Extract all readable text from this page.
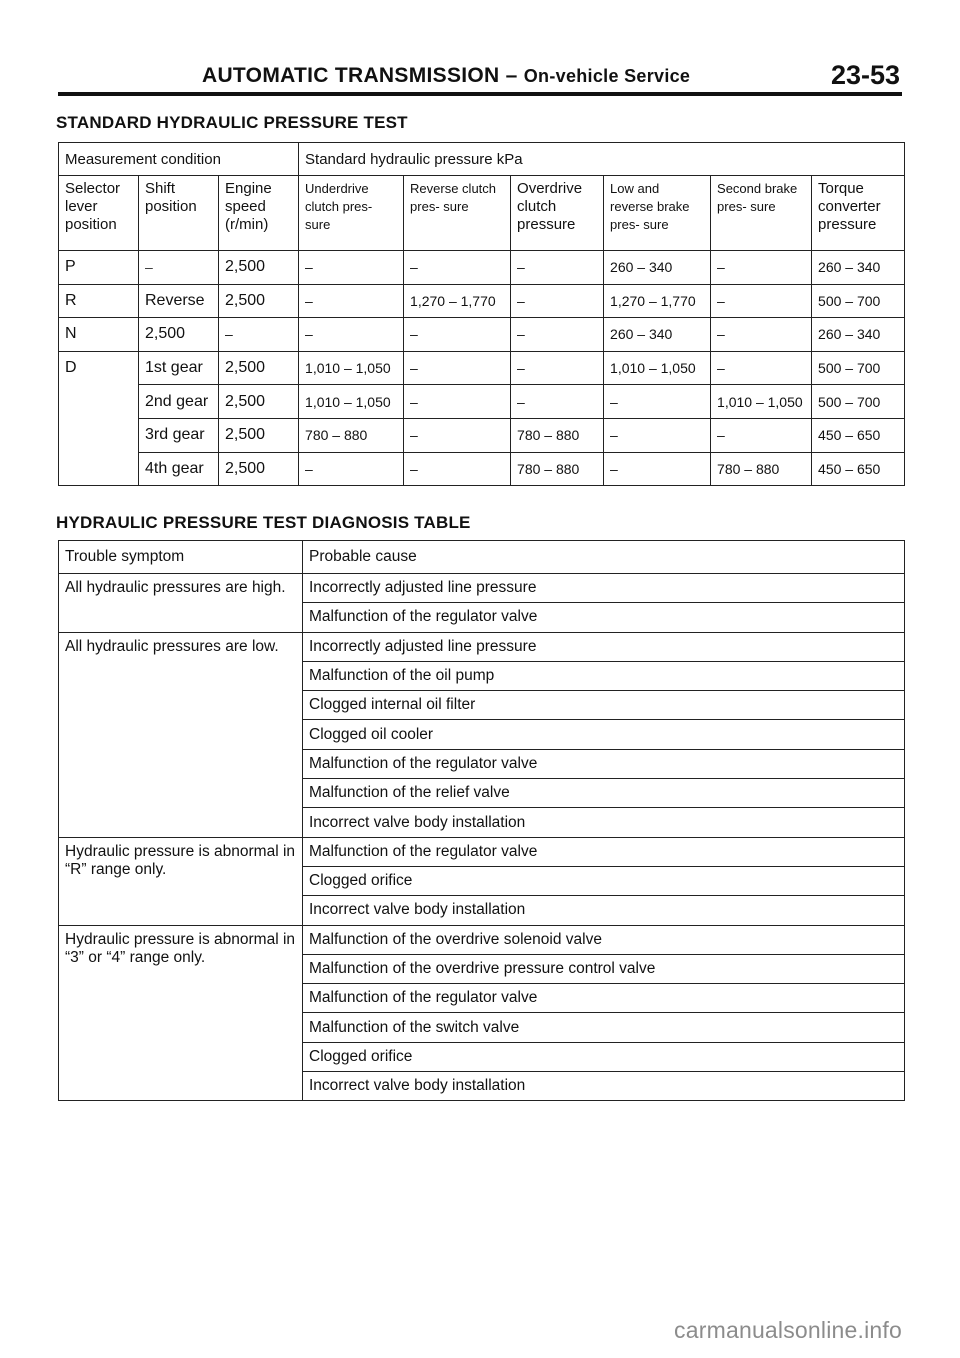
AUTOMATIC TRANSMISSION – On-vehicle Service	23-53
STANDARD HYDRAULIC PRESSURE TEST
Measurement condition			Standard hydraulic pressure kPa					
Selector lever position	Shift position	Engine speed (r/min)	Underdrive clutch pres- sure	Reverse clutch pres- sure	Overdrive clutch pressure	Low and reverse brake pres- sure	Second brake pres- sure	Torque converter pressure
P	–	2,500	–	–	–	260 – 340	–	260 – 340
R	Reverse	2,500	–	1,270 – 1,770	–	1,270 – 1,770	–	500 – 700
N	2,500	–	–	–	–	260 – 340	–	260 – 340
D	1st gear	2,500	1,010 – 1,050	–	–	1,010 – 1,050	–	500 – 700
	2nd gear	2,500	1,010 – 1,050	–	–	–	1,010 – 1,050	500 – 700
	3rd gear	2,500	780 – 880	–	780 – 880	–	–	450 – 650
	4th gear	2,500	–	–	780 – 880	–	780 – 880	450 – 650
HYDRAULIC PRESSURE TEST DIAGNOSIS TABLE
Trouble symptom	Probable cause
All hydraulic pressures are high.	Incorrectly adjusted line pressure
	Malfunction of the regulator valve
All hydraulic pressures are low.	Incorrectly adjusted line pressure
	Malfunction of the oil pump
	Clogged internal oil filter
	Clogged oil cooler
	Malfunction of the regulator valve
	Malfunction of the relief valve
	Incorrect valve body installation
Hydraulic pressure is abnormal in “R” range only.	Malfunction of the regulator valve
	Clogged orifice
	Incorrect valve body installation
Hydraulic pressure is abnormal in “3” or “4” range only.	Malfunction of the overdrive solenoid valve
	Malfunction of the overdrive pressure control valve
	Malfunction of the regulator valve
	Malfunction of the switch valve
	Clogged orifice
	Incorrect valve body installation
carmanualsonline.info
